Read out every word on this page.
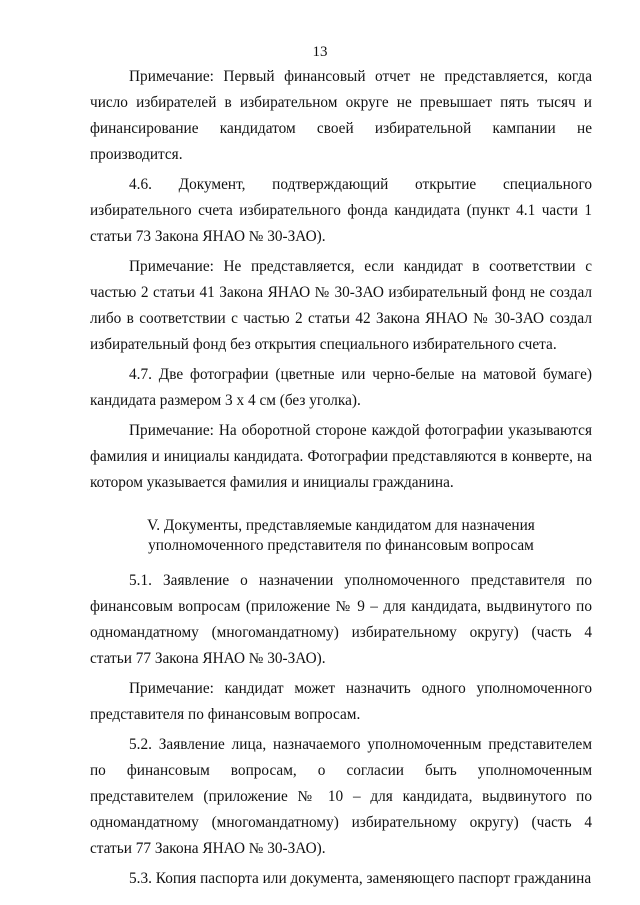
13

Примечание: Первый финансовый отчет не представляется, когда число избирателей в избирательном округе не превышает пять тысяч и финансирование кандидатом своей избирательной кампании не производится.

4.6. Документ, подтверждающий открытие специального избирательного счета избирательного фонда кандидата (пункт 4.1 части 1 статьи 73 Закона ЯНАО № 30-ЗАО).

Примечание: Не представляется, если кандидат в соответствии с частью 2 статьи 41 Закона ЯНАО № 30-ЗАО избирательный фонд не создал либо в соответствии с частью 2 статьи 42 Закона ЯНАО № 30-ЗАО создал избирательный фонд без открытия специального избирательного счета.

4.7. Две фотографии (цветные или черно-белые на матовой бумаге) кандидата размером 3 х 4 см (без уголка).

Примечание: На оборотной стороне каждой фотографии указываются фамилия и инициалы кандидата. Фотографии представляются в конверте, на котором указывается фамилия и инициалы гражданина.

V. Документы, представляемые кандидатом для назначения
уполномоченного представителя по финансовым вопросам

5.1. Заявление о назначении уполномоченного представителя по финансовым вопросам (приложение № 9 – для кандидата, выдвинутого по одномандатному (многомандатному) избирательному округу) (часть 4 статьи 77 Закона ЯНАО № 30-ЗАО).

Примечание: кандидат может назначить одного уполномоченного представителя по финансовым вопросам.

5.2. Заявление лица, назначаемого уполномоченным представителем по финансовым вопросам, о согласии быть уполномоченным представителем (приложение № 10 – для кандидата, выдвинутого по одномандатному (многомандатному) избирательному округу) (часть 4 статьи 77 Закона ЯНАО № 30-ЗАО).

5.3. Копия паспорта или документа, заменяющего паспорт гражданина
